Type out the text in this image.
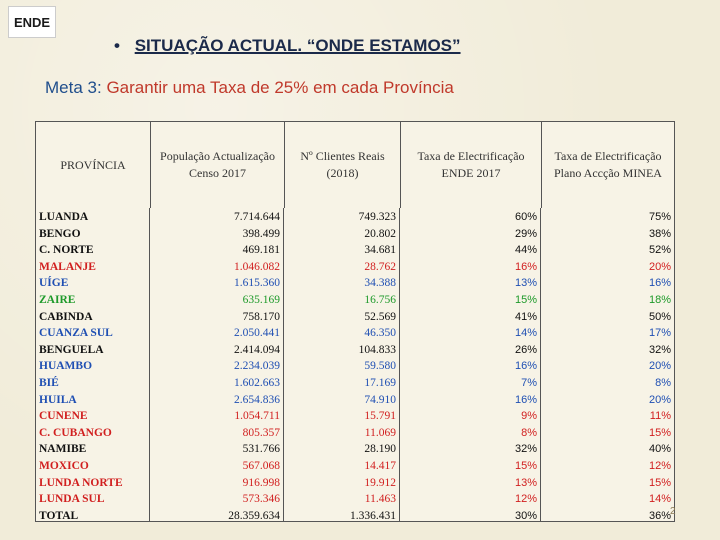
ENDE
• SITUAÇÃO ACTUAL. “ONDE ESTAMOS”
Meta 3: Garantir uma Taxa de 25% em cada Província
PROVÍNCIA
População Actualização Censo 2017
Nº Clientes Reais (2018)
Taxa de Electrificação ENDE 2017
Taxa de Electrificação Plano Accção MINEA
LUANDA
BENGO
C. NORTE
MALANJE
UÍGE
ZAIRE
CABINDA
CUANZA SUL
BENGUELA
HUAMBO
BIÉ
HUILA
CUNENE
C. CUBANGO
NAMIBE
MOXICO
LUNDA NORTE
LUNDA SUL
TOTAL
7.714.644
398.499
469.181
1.046.082
1.615.360
635.169
758.170
2.050.441
2.414.094
2.234.039
1.602.663
2.654.836
1.054.711
805.357
531.766
567.068
916.998
573.346
28.359.634
749.323
20.802
34.681
28.762
34.388
16.756
52.569
46.350
104.833
59.580
17.169
74.910
15.791
11.069
28.190
14.417
19.912
11.463
1.336.431
60%
29%
44%
16%
13%
15%
41%
14%
26%
16%
7%
16%
9%
8%
32%
15%
13%
12%
30%
75%
38%
52%
20%
16%
18%
50%
17%
32%
20%
8%
20%
11%
15%
40%
12%
15%
14%
36% 2
